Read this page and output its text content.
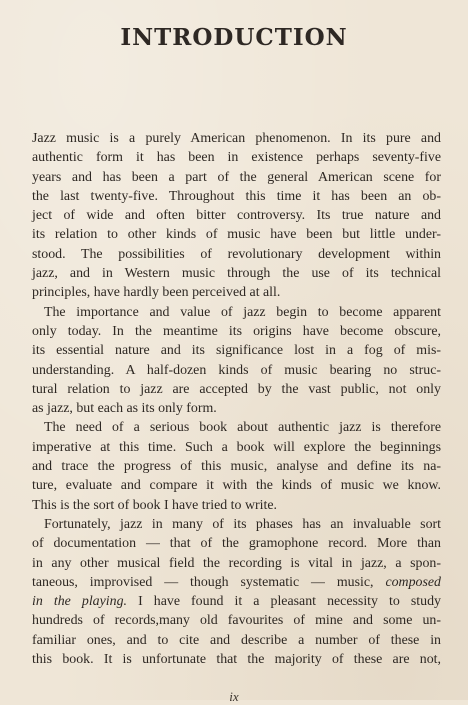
INTRODUCTION
Jazz music is a purely American phenomenon. In its pure and
authentic form it has been in existence perhaps seventy-five
years and has been a part of the general American scene for
the last twenty-five. Throughout this time it has been an ob-
ject of wide and often bitter controversy. Its true nature and
its relation to other kinds of music have been but little under-
stood. The possibilities of revolutionary development within
jazz, and in Western music through the use of its technical
principles, have hardly been perceived at all.
The importance and value of jazz begin to become apparent
only today. In the meantime its origins have become obscure,
its essential nature and its significance lost in a fog of mis-
understanding. A half-dozen kinds of music bearing no struc-
tural relation to jazz are accepted by the vast public, not only
as jazz, but each as its only form.
The need of a serious book about authentic jazz is therefore
imperative at this time. Such a book will explore the beginnings
and trace the progress of this music, analyse and define its na-
ture, evaluate and compare it with the kinds of music we know.
This is the sort of book I have tried to write.
Fortunately, jazz in many of its phases has an invaluable sort
of documentation — that of the gramophone record. More than
in any other musical field the recording is vital in jazz, a spon-
taneous, improvised — though systematic — music, composed
in the playing. I have found it a pleasant necessity to study
hundreds of records,many old favourites of mine and some un-
familiar ones, and to cite and describe a number of these in
this book. It is unfortunate that the majority of these are not,
ix
